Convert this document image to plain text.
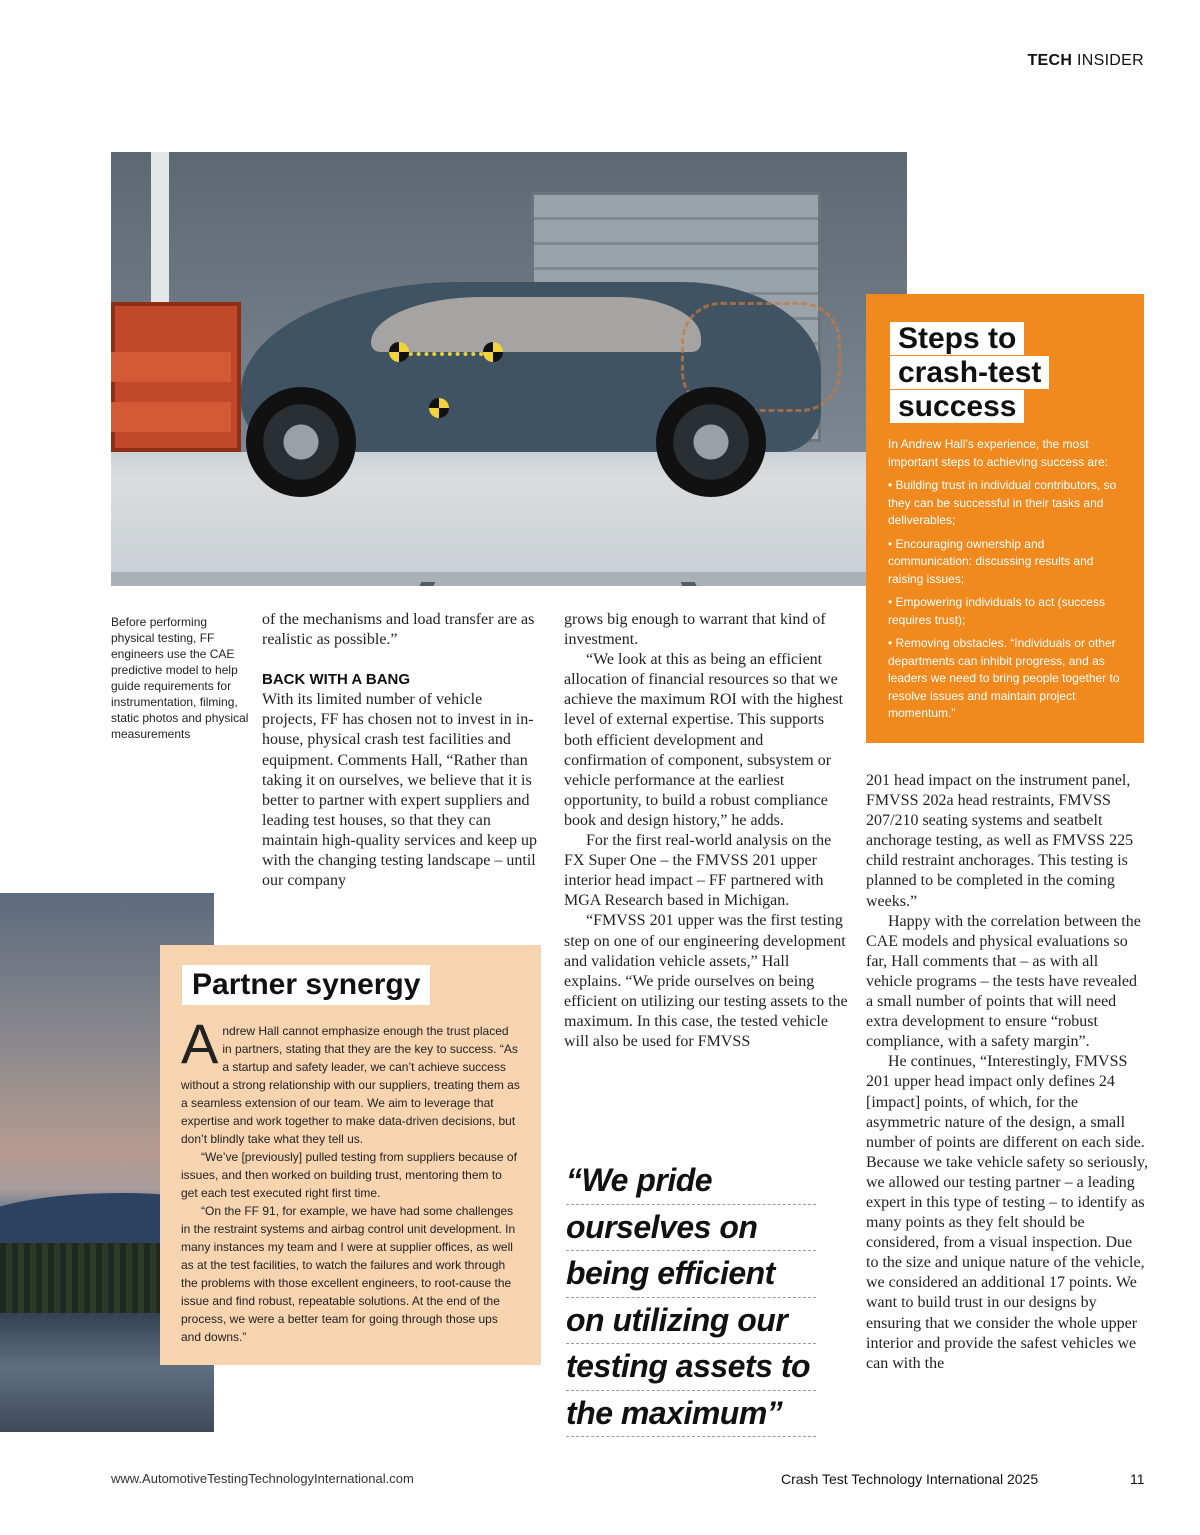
TECH INSIDER
Before performing physical testing, FF engineers use the CAE predictive model to help guide requirements for instrumentation, filming, static photos and physical measurements

of the mechanisms and load transfer are as realistic as possible.”

BACK WITH A BANG

With its limited number of vehicle projects, FF has chosen not to invest in in-house, physical crash test facilities and equipment. Comments Hall, “Rather than taking it on ourselves, we believe that it is better to partner with expert suppliers and leading test houses, so that they can maintain high-quality services and keep up with the changing testing landscape – until our company

grows big enough to warrant that kind of investment.

“We look at this as being an efficient allocation of financial resources so that we achieve the maximum ROI with the highest level of external expertise. This supports both efficient development and confirmation of component, subsystem or vehicle performance at the earliest opportunity, to build a robust compliance book and design history,” he adds.

For the first real-world analysis on the FX Super One – the FMVSS 201 upper interior head impact – FF partnered with MGA Research based in Michigan.

“FMVSS 201 upper was the first testing step on one of our engineering development and validation vehicle assets,” Hall explains. “We pride ourselves on being efficient on utilizing our testing assets to the maximum. In this case, the tested vehicle will also be used for FMVSS

Steps to
crash-test
success

In Andrew Hall’s experience, the most important steps to achieving success are:

• Building trust in individual contributors, so they can be successful in their tasks and deliverables;

• Encouraging ownership and communication: discussing results and raising issues;

• Empowering individuals to act (success requires trust);

• Removing obstacles. “Individuals or other departments can inhibit progress, and as leaders we need to bring people together to resolve issues and maintain project momentum.”

201 head impact on the instrument panel, FMVSS 202a head restraints, FMVSS 207/210 seating systems and seatbelt anchorage testing, as well as FMVSS 225 child restraint anchorages. This testing is planned to be completed in the coming weeks.”

Happy with the correlation between the CAE models and physical evaluations so far, Hall comments that – as with all vehicle programs – the tests have revealed a small number of points that will need extra development to ensure “robust compliance, with a safety margin”.

He continues, “Interestingly, FMVSS 201 upper head impact only defines 24 [impact] points, of which, for the asymmetric nature of the design, a small number of points are different on each side. Because we take vehicle safety so seriously, we allowed our testing partner – a leading expert in this type of testing – to identify as many points as they felt should be considered, from a visual inspection. Due to the size and unique nature of the vehicle, we considered an additional 17 points. We want to build trust in our designs by ensuring that we consider the whole upper interior and provide the safest vehicles we can with the

Partner synergy

Andrew Hall cannot emphasize enough the trust placed in partners, stating that they are the key to success. “As a startup and safety leader, we can’t achieve success without a strong relationship with our suppliers, treating them as a seamless extension of our team. We aim to leverage that expertise and work together to make data-driven decisions, but don’t blindly take what they tell us.

“We’ve [previously] pulled testing from suppliers because of issues, and then worked on building trust, mentoring them to get each test executed right first time.

“On the FF 91, for example, we have had some challenges in the restraint systems and airbag control unit development. In many instances my team and I were at supplier offices, as well as at the test facilities, to watch the failures and work through the problems with those excellent engineers, to root-cause the issue and find robust, repeatable solutions. At the end of the process, we were a better team for going through those ups and downs.”

“We pride
ourselves on
being efficient
on utilizing our
testing assets to
the maximum”
www.AutomotiveTestingTechnologyInternational.com	Crash Test Technology International 2025	11
